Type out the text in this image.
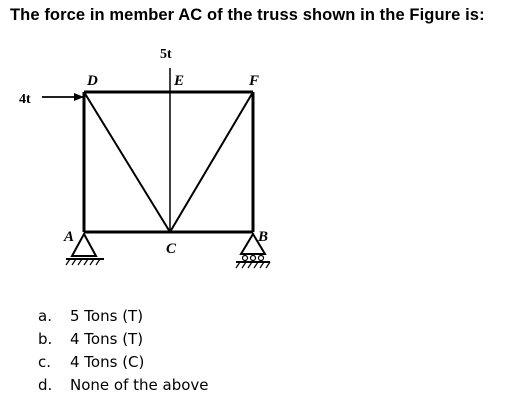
The force in member AC of the truss shown in the Figure is:
5t
4t
D	E	F
A	B
C
a. 5 Tons (T)
b. 4 Tons (T)
c. 4 Tons (C)
d. None of the above
